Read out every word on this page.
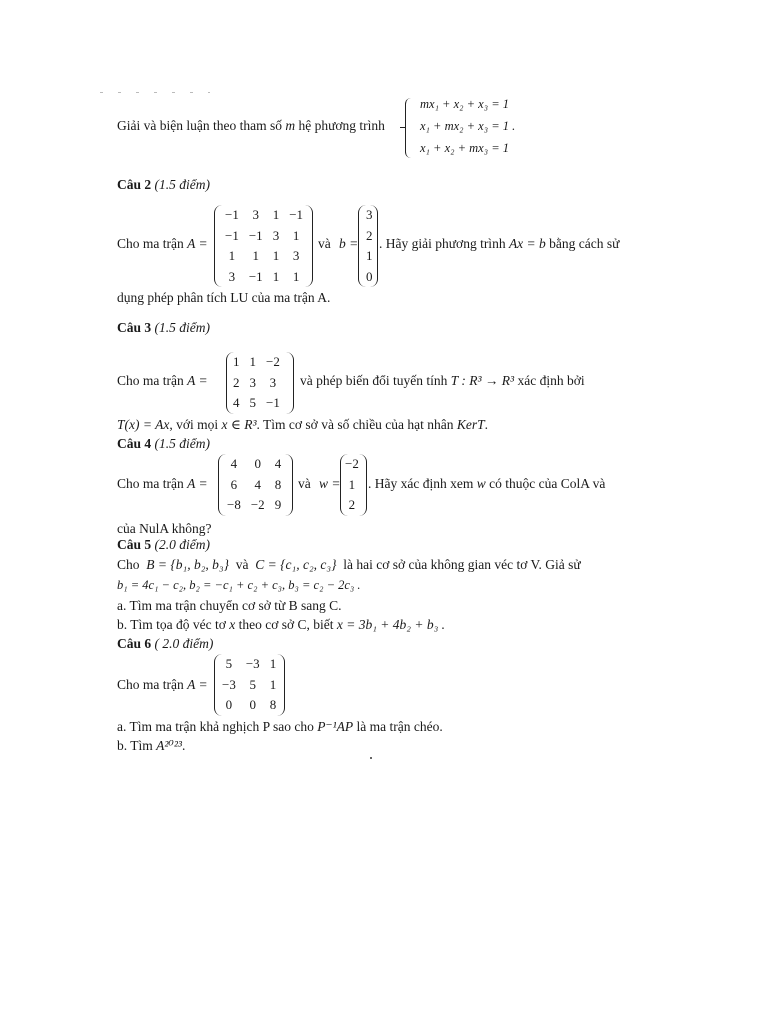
Giải và biện luận theo tham số m hệ phương trình
mx₁ + x₂ + x₃ = 1
x₁ + mx₂ + x₃ = 1 .
x₁ + x₂ + mx₃ = 1
Câu 2 (1.5 điểm)
Cho ma trận A =
−1	3	1	−1
−1	−1	3	1
1	1	1	3
3	−1	1	1
và b =
3
2
1
0
. Hãy giải phương trình Ax = b bằng cách sử
dụng phép phân tích LU của ma trận A.
Câu 3 (1.5 điểm)
Cho ma trận A =
1	1	−2
2	3	3
4	5	−1
và phép biến đổi tuyến tính T : R³ → R³ xác định bởi
T(x) = Ax, với mọi x ∈ R³. Tìm cơ sở và số chiều của hạt nhân KerT.
Câu 4 (1.5 điểm)
Cho ma trận A =
4	0	4
6	4	8
−8	−2	9
và w =
−2
1
2
. Hãy xác định xem w có thuộc của ColA và
của NulA không?
Câu 5 (2.0 điểm)
Cho B = {b₁, b₂, b₃} và C = {c₁, c₂, c₃} là hai cơ sở của không gian véc tơ V. Giả sử
b₁ = 4c₁ − c₂, b₂ = −c₁ + c₂ + c₃, b₃ = c₂ − 2c₃ .
a. Tìm ma trận chuyển cơ sở từ B sang C.
b. Tìm tọa độ véc tơ x theo cơ sở C, biết x = 3b₁ + 4b₂ + b₃ .
Câu 6 ( 2.0 điểm)
Cho ma trận A =
5	−3	1
−3	5	1
0	0	8
a. Tìm ma trận khả nghịch P sao cho P⁻¹AP là ma trận chéo.
b. Tìm A²⁰²³.
